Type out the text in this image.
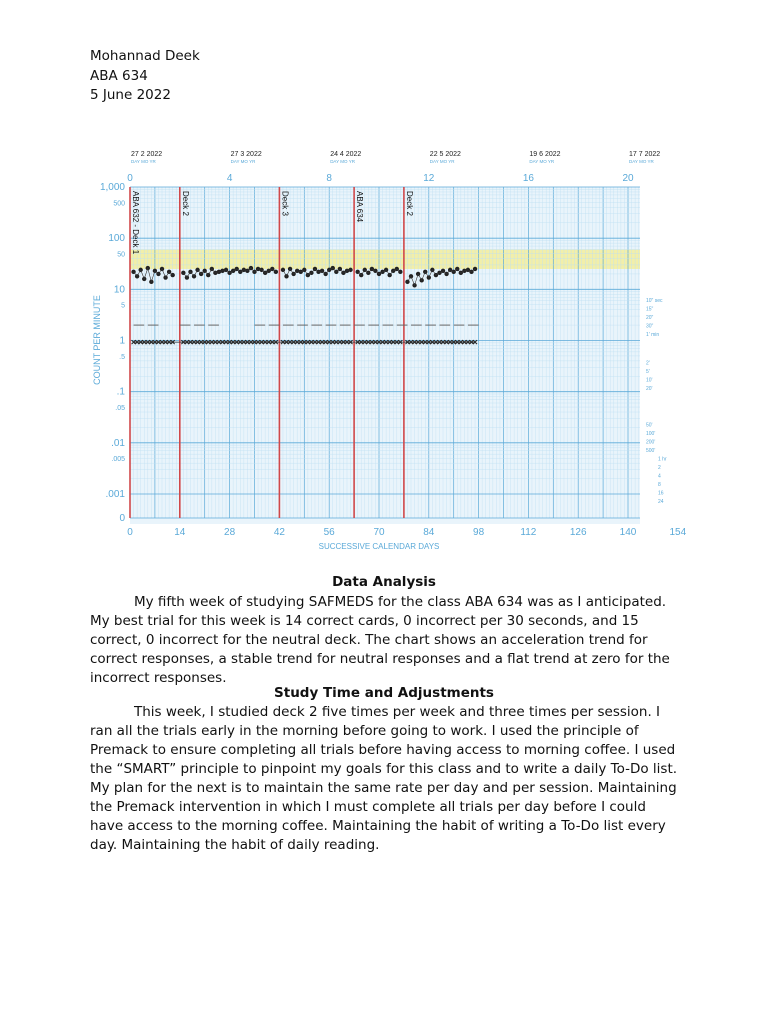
Mohannad Deek
ABA 634
5 June 2022
1,000
500
100
50
10
5
1
.5
.1
.05
.01
.005
.001
0
COUNT PER MINUTE
0	14	28	42	56	70	84	98	112	126	140	154
SUCCESSIVE CALENDAR DAYS
0	4	8	12	16	20
27 2 2022
DAY MO YR
27 3 2022
DAY MO YR
24 4 2022
DAY MO YR
22 5 2022
DAY MO YR
19 6 2022
DAY MO YR
17 7 2022
DAY MO YR
10" sec
15"
20"
30"
1' min
2'
5'
10'
20'
50'
100'
200'
500'
1 hr
2
4
8
16
24
ABA 632 - Deck 1	Deck 2	Deck 3	ABA 634	Deck 2
Data Analysis
My fifth week of studying SAFMEDS for the class ABA 634 was as I anticipated. My best trial for this week is 14 correct cards, 0 incorrect per 30 seconds, and 15 correct, 0 incorrect for the neutral deck. The chart shows an acceleration trend for correct responses, a stable trend for neutral responses and a flat trend at zero for the incorrect responses.
Study Time and Adjustments
This week, I studied deck 2 five times per week and three times per session. I ran all the trials early in the morning before going to work. I used the principle of Premack to ensure completing all trials before having access to morning coffee. I used the “SMART” principle to pinpoint my goals for this class and to write a daily To-Do list. My plan for the next is to maintain the same rate per day and per session. Maintaining the Premack intervention in which I must complete all trials per day before I could have access to the morning coffee. Maintaining the habit of writing a To-Do list every day. Maintaining the habit of daily reading.
